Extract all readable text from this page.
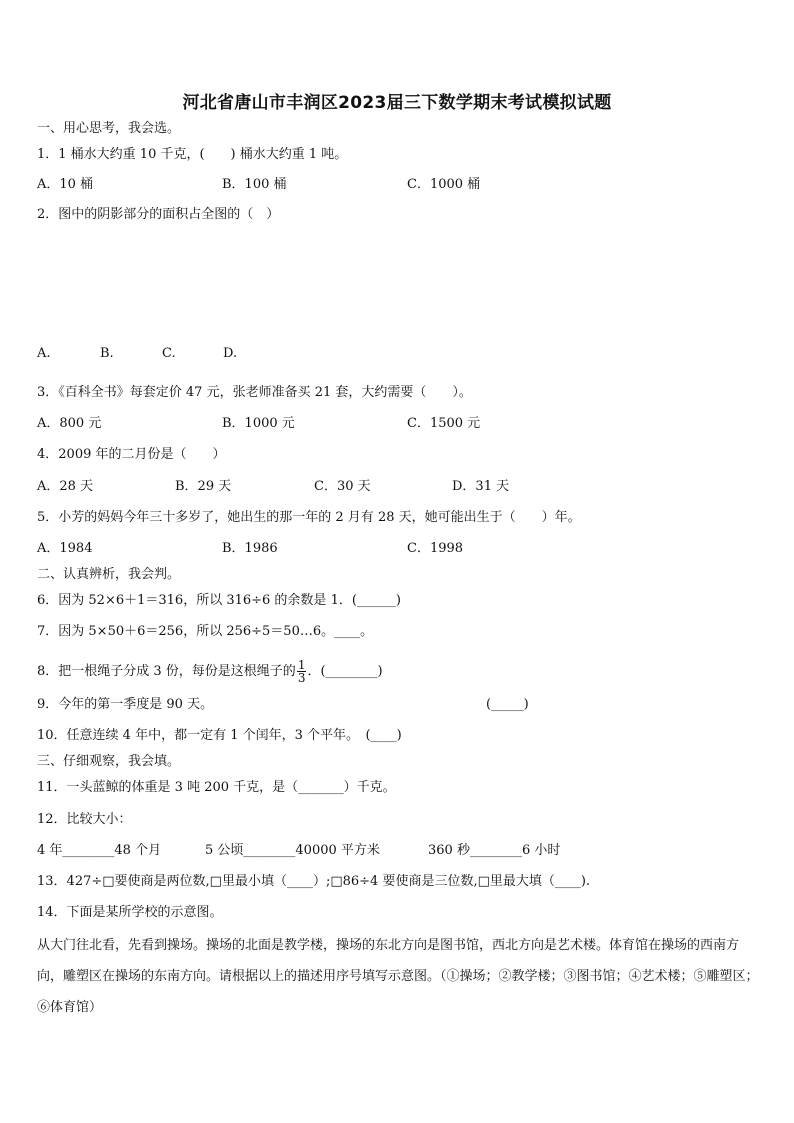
河北省唐山市丰润区2023届三下数学期末考试模拟试题
一、用心思考，我会选。
1．1 桶水大约重 10 千克，(　　) 桶水大约重 1 吨。
A．10 桶	B．100 桶	C．1000 桶
2．图中的阴影部分的面积占全图的（　）
A.	B.	C.	D.
3．《百科全书》每套定价 47 元，张老师准备买 21 套，大约需要（　　）。
A．800 元	B．1000 元	C．1500 元
4．2009 年的二月份是（　　）
A．28 天	B．29 天	C．30 天	D．31 天
5．小芳的妈妈今年三十多岁了，她出生的那一年的 2 月有 28 天，她可能出生于（　　）年。
A．1984	B．1986	C．1998
二、认真辨析，我会判。
6．因为 52×6＋1＝316，所以 316÷6 的余数是 1．(______)
7．因为 5×50＋6＝256，所以 256÷5＝50…6。____。
8．把一根绳子分成 3 份，每份是这根绳子的 $\frac{1}{3}$ ．(________)
9．今年的第一季度是 90 天。	(_____)
10．任意连续 4 年中，都一定有 1 个闰年，3 个平年。　(____)
三、仔细观察，我会填。
11．一头蓝鲸的体重是 3 吨 200 千克，是（_______）千克。
12．比较大小：
4 年________48 个月	5 公顷________40000 平方米	360 秒________6 小时
13．427÷□要使商是两位数,□里最小填（____）;□86÷4 要使商是三位数,□里最大填（____).
14．下面是某所学校的示意图。
从大门往北看，先看到操场。操场的北面是教学楼，操场的东北方向是图书馆，西北方向是艺术楼。体育馆在操场的西南方向，雕塑区在操场的东南方向。请根据以上的描述用序号填写示意图。（①操场；②教学楼；③图书馆；④艺术楼；⑤雕塑区；⑥体育馆）
